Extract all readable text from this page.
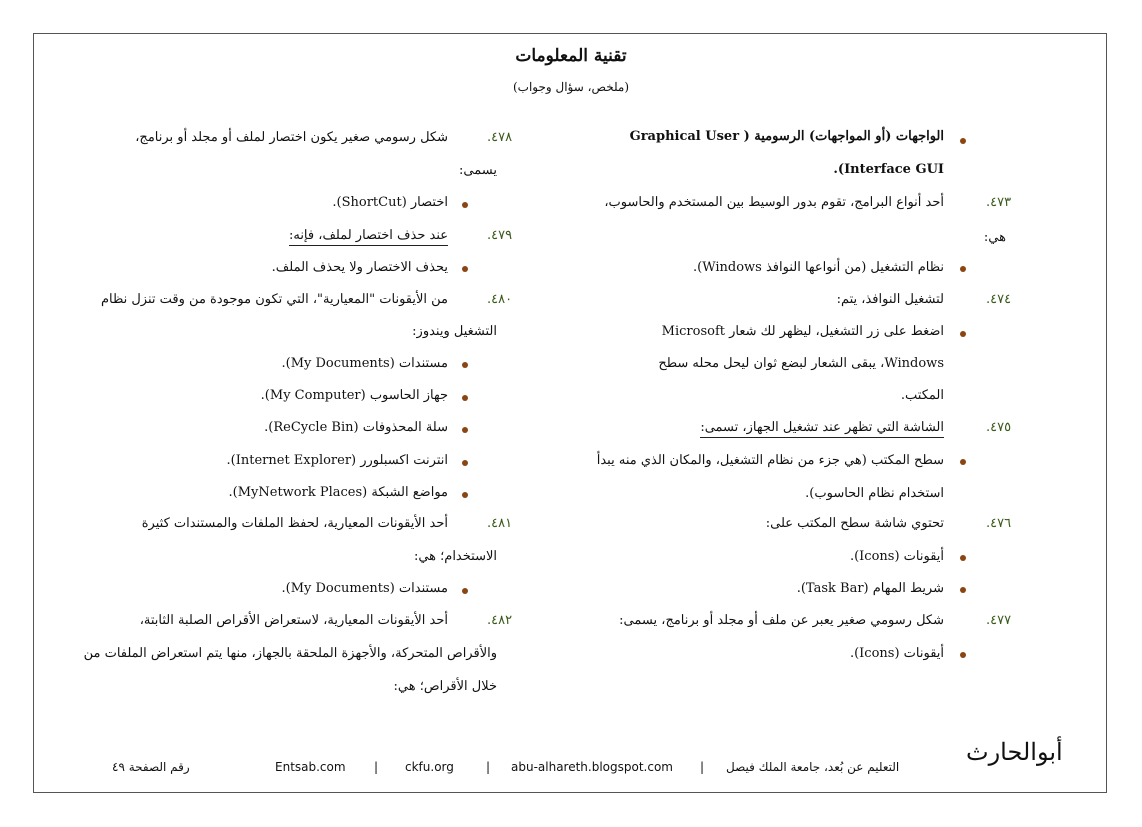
تقنية المعلومات
(ملخص، سؤال وجواب)
الواجهات (أو المواجهات) الرسومية ( Graphical User
Interface GUI).
٤٧٣.
أحد أنواع البرامج، تقوم بدور الوسيط بين المستخدم والحاسوب،
هي:
نظام التشغيل (من أنواعها النوافذ Windows).
٤٧٤.
لتشغيل النوافذ، يتم:
اضغط على زر التشغيل، ليظهر لك شعار Microsoft
Windows، يبقى الشعار لبضع ثوان ليحل محله سطح
المكتب.
٤٧٥.
الشاشة التي تظهر عند تشغيل الجهاز، تسمى:
سطح المكتب (هي جزء من نظام التشغيل، والمكان الذي منه يبدأ
استخدام نظام الحاسوب).
٤٧٦.
تحتوي شاشة سطح المكتب على:
أيقونات (Icons).
شريط المهام (Task Bar).
٤٧٧.
شكل رسومي صغير يعبر عن ملف أو مجلد أو برنامج، يسمى:
أيقونات (Icons).
٤٧٨.
شكل رسومي صغير يكون اختصار لملف أو مجلد أو برنامج،
يسمى:
اختصار (ShortCut).
٤٧٩.
عند حذف اختصار لملف، فإنه:
يحذف الاختصار ولا يحذف الملف.
٤٨٠.
من الأيقونات "المعيارية"، التي تكون موجودة من وقت تنزل نظام
التشغيل ويندوز:
مستندات (My Documents).
جهاز الحاسوب (My Computer).
سلة المحذوفات (ReCycle Bin).
انترنت اكسبلورر (Internet Explorer).
مواضع الشبكة (MyNetwork Places).
٤٨١.
أحد الأيقونات المعيارية، لحفظ الملفات والمستندات كثيرة
الاستخدام؛ هي:
مستندات (My Documents).
٤٨٢.
أحد الأيقونات المعيارية، لاستعراض الأقراص الصلبة الثابتة،
والأقراص المتحركة، والأجهزة الملحقة بالجهاز، منها يتم استعراض الملفات من
خلال الأقراص؛ هي:
أبوالحارث
التعليم عن بُعد، جامعة الملك فيصل
|
abu-alhareth.blogspot.com
|
ckfu.org
|
Entsab.com
رقم الصفحة ٤٩
